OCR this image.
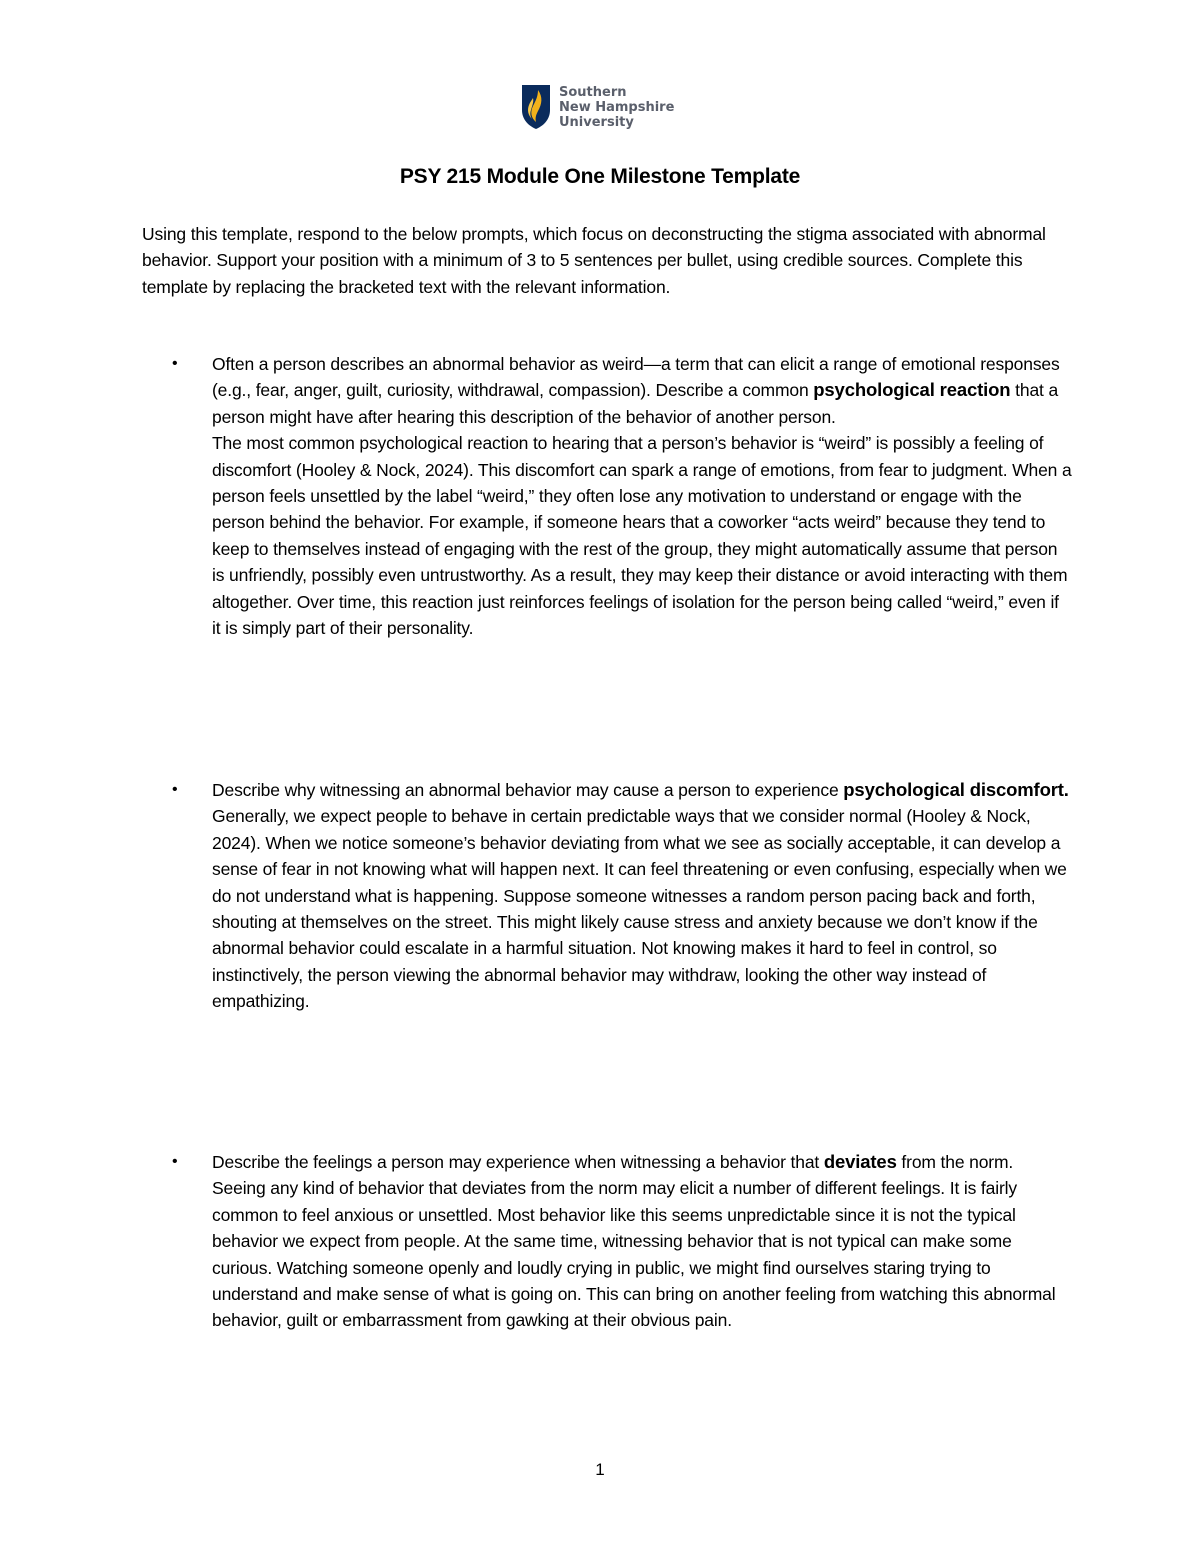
Southern
New Hampshire
University
PSY 215 Module One Milestone Template
Using this template, respond to the below prompts, which focus on deconstructing the stigma associated with abnormal behavior. Support your position with a minimum of 3 to 5 sentences per bullet, using credible sources. Complete this template by replacing the bracketed text with the relevant information.
• Often a person describes an abnormal behavior as weird—a term that can elicit a range of emotional responses (e.g., fear, anger, guilt, curiosity, withdrawal, compassion). Describe a common psychological reaction that a person might have after hearing this description of the behavior of another person.

The most common psychological reaction to hearing that a person’s behavior is “weird” is possibly a feeling of discomfort (Hooley & Nock, 2024). This discomfort can spark a range of emotions, from fear to judgment. When a person feels unsettled by the label “weird,” they often lose any motivation to understand or engage with the person behind the behavior. For example, if someone hears that a coworker “acts weird” because they tend to keep to themselves instead of engaging with the rest of the group, they might automatically assume that person is unfriendly, possibly even untrustworthy. As a result, they may keep their distance or avoid interacting with them altogether. Over time, this reaction just reinforces feelings of isolation for the person being called “weird,” even if it is simply part of their personality.

• Describe why witnessing an abnormal behavior may cause a person to experience psychological discomfort.

Generally, we expect people to behave in certain predictable ways that we consider normal (Hooley & Nock, 2024). When we notice someone’s behavior deviating from what we see as socially acceptable, it can develop a sense of fear in not knowing what will happen next. It can feel threatening or even confusing, especially when we do not understand what is happening. Suppose someone witnesses a random person pacing back and forth, shouting at themselves on the street. This might likely cause stress and anxiety because we don’t know if the abnormal behavior could escalate in a harmful situation. Not knowing makes it hard to feel in control, so instinctively, the person viewing the abnormal behavior may withdraw, looking the other way instead of empathizing.

• Describe the feelings a person may experience when witnessing a behavior that deviates from the norm.

Seeing any kind of behavior that deviates from the norm may elicit a number of different feelings. It is fairly common to feel anxious or unsettled. Most behavior like this seems unpredictable since it is not the typical behavior we expect from people. At the same time, witnessing behavior that is not typical can make some curious. Watching someone openly and loudly crying in public, we might find ourselves staring trying to understand and make sense of what is going on. This can bring on another feeling from watching this abnormal behavior, guilt or embarrassment from gawking at their obvious pain.

1
